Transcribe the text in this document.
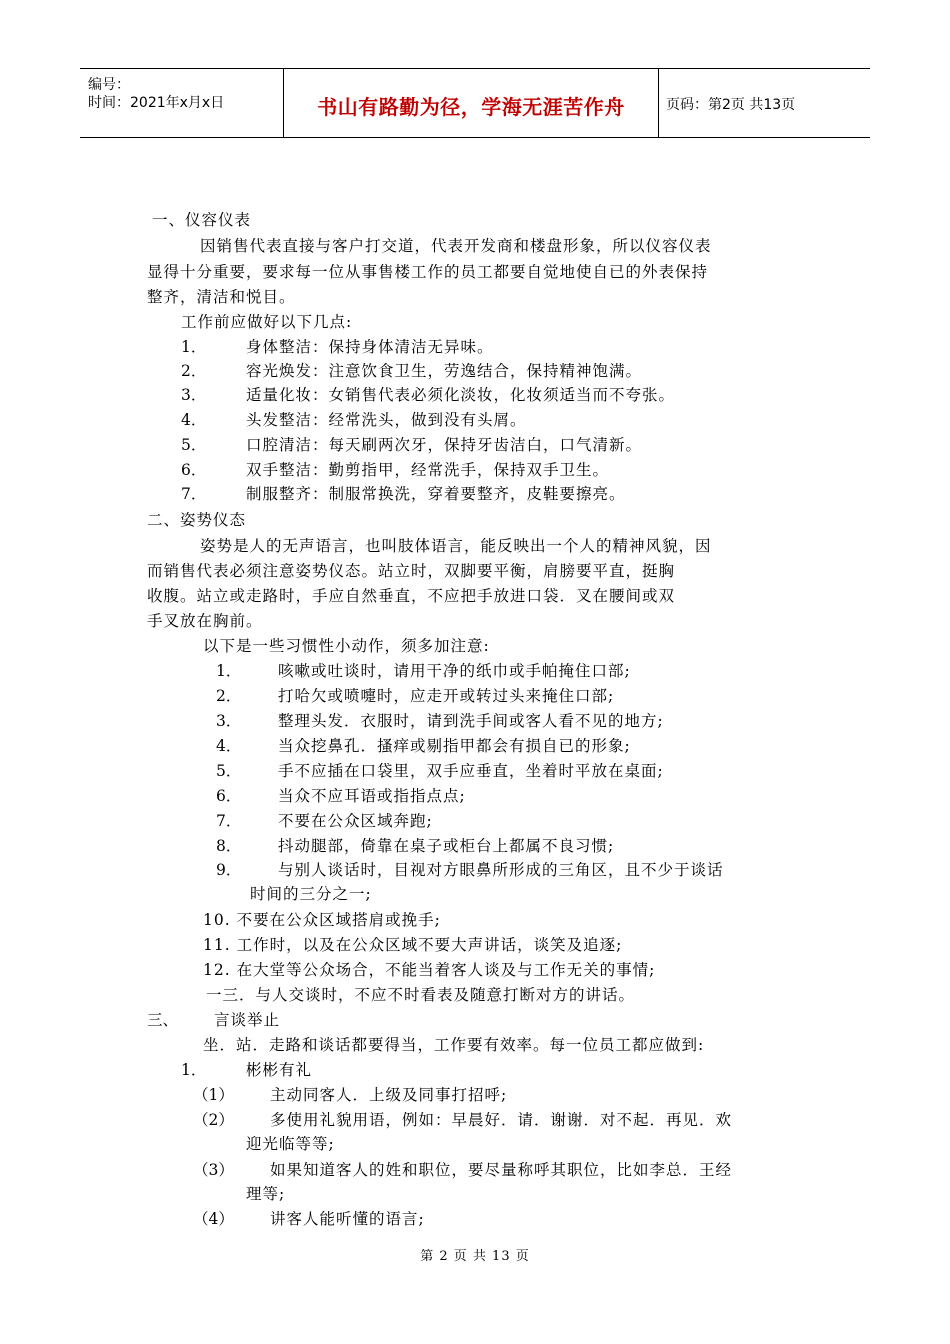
编号：
时间：2021年x月x日	书山有路勤为径，学海无涯苦作舟	页码：第2页 共13页
一、仪容仪表
因销售代表直接与客户打交道，代表开发商和楼盘形象，所以仪容仪表
显得十分重要，要求每一位从事售楼工作的员工都要自觉地使自已的外表保持
整齐，清洁和悦目。
工作前应做好以下几点:
1．	身体整洁：保持身体清洁无异味。
2．	容光焕发：注意饮食卫生，劳逸结合，保持精神饱满。
3．	适量化妆：女销售代表必须化淡妆，化妆须适当而不夸张。
4．	头发整洁：经常洗头，做到没有头屑。
5．	口腔清洁：每天刷两次牙，保持牙齿洁白，口气清新。
6．	双手整洁：勤剪指甲，经常洗手，保持双手卫生。
7．	制服整齐：制服常换洗，穿着要整齐，皮鞋要擦亮。
二、姿势仪态
姿势是人的无声语言，也叫肢体语言，能反映出一个人的精神风貌，因
而销售代表必须注意姿势仪态。站立时，双脚要平衡，肩膀要平直，挺胸
收腹。站立或走路时，手应自然垂直，不应把手放进口袋．叉在腰间或双
手叉放在胸前。
以下是一些习惯性小动作，须多加注意:
1． 咳嗽或吐谈时，请用干净的纸巾或手帕掩住口部;
2． 打哈欠或喷嚏时，应走开或转过头来掩住口部;
3． 整理头发．衣服时，请到洗手间或客人看不见的地方;
4． 当众挖鼻孔．搔痒或剔指甲都会有损自已的形象;
5． 手不应插在口袋里，双手应垂直，坐着时平放在桌面;
6． 当众不应耳语或指指点点;
7． 不要在公众区域奔跑;
8． 抖动腿部，倚靠在桌子或柜台上都属不良习惯;
9． 与别人谈话时，目视对方眼鼻所形成的三角区，且不少于谈话
时间的三分之一;
10. 不要在公众区域搭肩或挽手;
11. 工作时，以及在公众区域不要大声讲话，谈笑及追逐;
12. 在大堂等公众场合，不能当着客人谈及与工作无关的事情;
一三．与人交谈时，不应不时看表及随意打断对方的讲话。
三、 言谈举止
坐．站．走路和谈话都要得当，工作要有效率。每一位员工都应做到:
1．	彬彬有礼
（1） 主动同客人．上级及同事打招呼;
（2） 多使用礼貌用语，例如：早晨好．请．谢谢．对不起．再见．欢
迎光临等等;
（3） 如果知道客人的姓和职位，要尽量称呼其职位，比如李总．王经
理等;
（4） 讲客人能听懂的语言;
第 2 页 共 13 页
